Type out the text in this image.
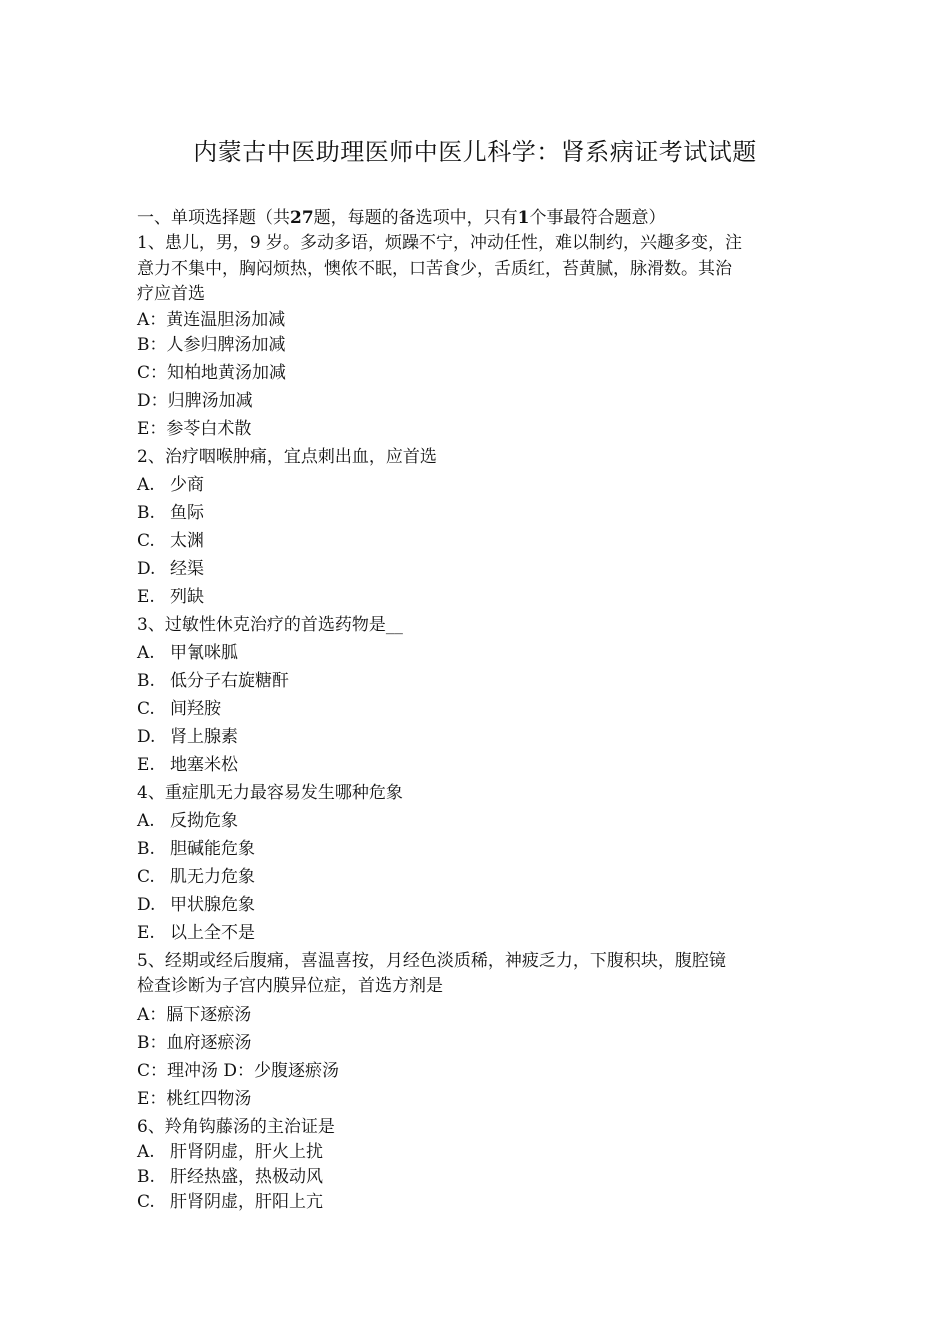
内蒙古中医助理医师中医儿科学：肾系病证考试试题

一、单项选择题（共27题，每题的备选项中，只有1个事最符合题意）

1、患儿，男，9 岁。多动多语，烦躁不宁，冲动任性，难以制约，兴趣多变，注

意力不集中，胸闷烦热，懊侬不眠，口苦食少，舌质红，苔黄腻，脉滑数。其治

疗应首选

A：黄连温胆汤加减

B：人参归脾汤加减

C：知柏地黄汤加减

D：归脾汤加减

E：参苓白术散

2、治疗咽喉肿痛，宜点刺出血，应首选

A. 少商

B. 鱼际

C. 太渊

D. 经渠

E. 列缺

3、过敏性休克治疗的首选药物是__

A. 甲氰咪胍

B. 低分子右旋糖酐

C. 间羟胺

D. 肾上腺素

E. 地塞米松

4、重症肌无力最容易发生哪种危象

A. 反拗危象

B. 胆碱能危象

C. 肌无力危象

D. 甲状腺危象

E. 以上全不是

5、经期或经后腹痛，喜温喜按，月经色淡质稀，神疲乏力，下腹积块，腹腔镜

检查诊断为子宫内膜异位症，首选方剂是

A：膈下逐瘀汤

B：血府逐瘀汤

C：理冲汤 D：少腹逐瘀汤

E：桃红四物汤

6、羚角钩藤汤的主治证是

A. 肝肾阴虚，肝火上扰

B. 肝经热盛，热极动风

C. 肝肾阴虚，肝阳上亢
